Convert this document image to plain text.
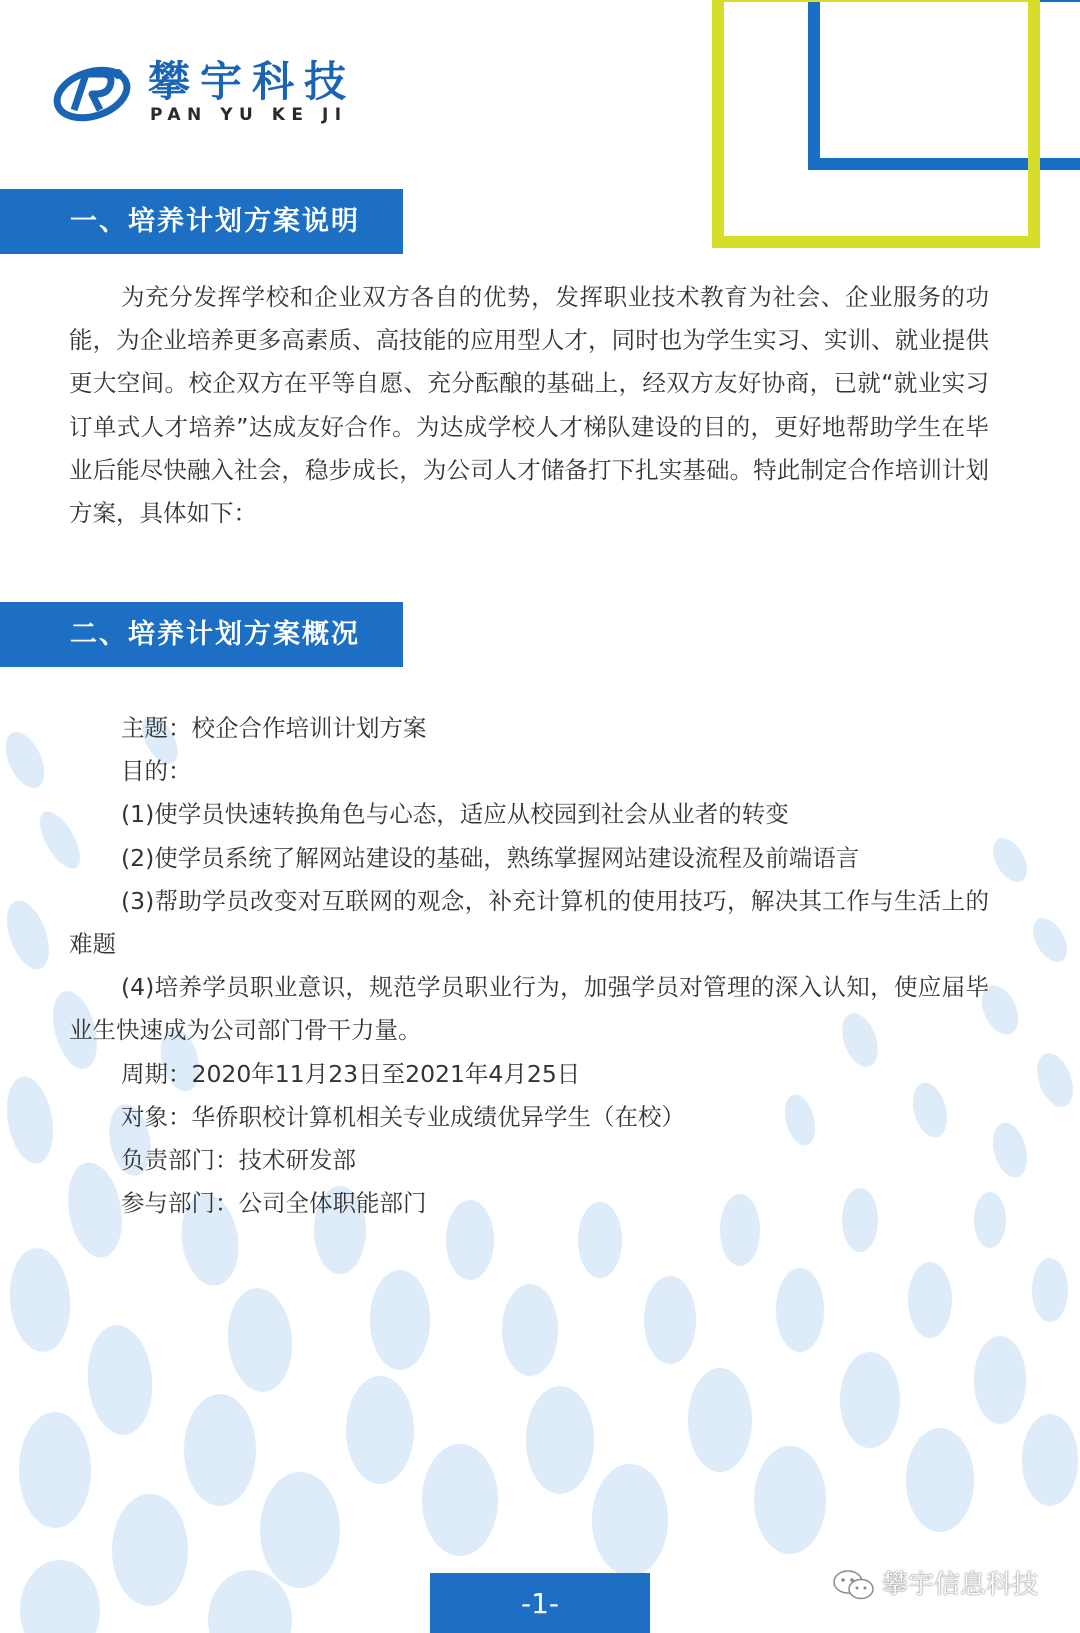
攀宇科技
PAN YU KE JI
一、培养计划方案说明

为充分发挥学校和企业双方各自的优势，发挥职业技术教育为社会、企业服务的功能，为企业培养更多高素质、高技能的应用型人才，同时也为学生实习、实训、就业提供更大空间。校企双方在平等自愿、充分酝酿的基础上，经双方友好协商，已就“就业实习订单式人才培养”达成友好合作。为达成学校人才梯队建设的目的，更好地帮助学生在毕业后能尽快融入社会，稳步成长，为公司人才储备打下扎实基础。特此制定合作培训计划方案，具体如下：

二、培养计划方案概况
主题：校企合作培训计划方案
目的：
(1)使学员快速转换角色与心态，适应从校园到社会从业者的转变
(2)使学员系统了解网站建设的基础，熟练掌握网站建设流程及前端语言
(3)帮助学员改变对互联网的观念，补充计算机的使用技巧，解决其工作与生活上的难题
(4)培养学员职业意识，规范学员职业行为，加强学员对管理的深入认知，使应届毕业生快速成为公司部门骨干力量。
周期：2020年11月23日至2021年4月25日
对象：华侨职校计算机相关专业成绩优异学生（在校）
负责部门：技术研发部
参与部门：公司全体职能部门
-1-
攀宇信息科技
